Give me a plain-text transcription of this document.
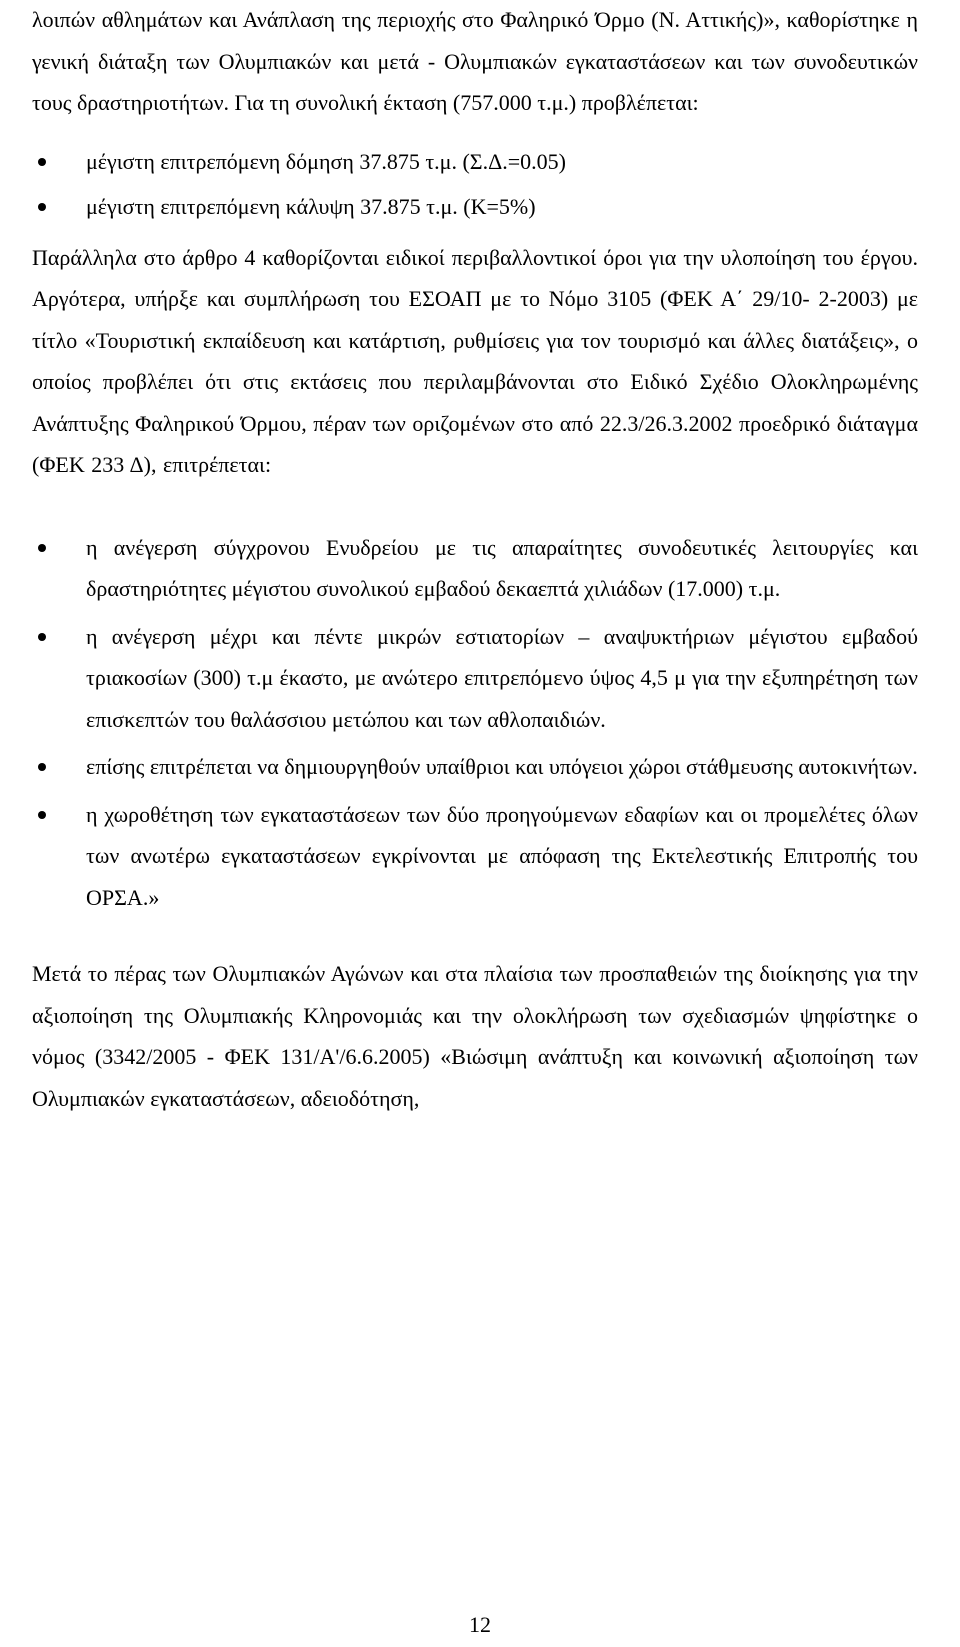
λοιπών αθλημάτων και Ανάπλαση της περιοχής στο Φαληρικό Όρμο (Ν. Αττικής)», καθορίστηκε η γενική διάταξη των Ολυμπιακών και μετά - Ολυμπιακών εγκαταστάσεων και των συνοδευτικών τους δραστηριοτήτων. Για τη συνολική έκταση (757.000 τ.μ.) προβλέπεται:

μέγιστη επιτρεπόμενη δόμηση 37.875 τ.μ. (Σ.Δ.=0.05)
μέγιστη επιτρεπόμενη κάλυψη 37.875 τ.μ. (Κ=5%)

Παράλληλα στο άρθρο 4 καθορίζονται ειδικοί περιβαλλοντικοί όροι για την υλοποίηση του έργου. Αργότερα, υπήρξε και συμπλήρωση του ΕΣΟΑΠ με το Νόμο 3105 (ΦΕΚ Α΄ 29/10- 2-2003) με τίτλο «Τουριστική εκπαίδευση και κατάρτιση, ρυθμίσεις για τον τουρισμό και άλλες διατάξεις», ο οποίος προβλέπει ότι στις εκτάσεις που περιλαμβάνονται στο Ειδικό Σχέδιο Ολοκληρωμένης Ανάπτυξης Φαληρικού Όρμου, πέραν των οριζομένων στο από 22.3/26.3.2002 προεδρικό διάταγμα (ΦΕΚ 233 Δ), επιτρέπεται:

η ανέγερση σύγχρονου Ενυδρείου με τις απαραίτητες συνοδευτικές λειτουργίες και δραστηριότητες μέγιστου συνολικού εμβαδού δεκαεπτά χιλιάδων (17.000) τ.μ.
η ανέγερση μέχρι και πέντε μικρών εστιατορίων – αναψυκτήριων μέγιστου εμβαδού τριακοσίων (300) τ.μ έκαστο, με ανώτερο επιτρεπόμενο ύψος 4,5 μ για την εξυπηρέτηση των επισκεπτών του θαλάσσιου μετώπου και των αθλοπαιδιών.
επίσης επιτρέπεται να δημιουργηθούν υπαίθριοι και υπόγειοι χώροι στάθμευσης αυτοκινήτων.
η χωροθέτηση των εγκαταστάσεων των δύο προηγούμενων εδαφίων και οι προμελέτες όλων των ανωτέρω εγκαταστάσεων εγκρίνονται με απόφαση της Εκτελεστικής Επιτροπής του ΟΡΣΑ.»

Μετά το πέρας των Ολυμπιακών Αγώνων και στα πλαίσια των προσπαθειών της διοίκησης για την αξιοποίηση της Ολυμπιακής Κληρονομιάς και την ολοκλήρωση των σχεδιασμών ψηφίστηκε ο νόμος (3342/2005 - ΦΕΚ 131/Α'/6.6.2005) «Βιώσιμη ανάπτυξη και κοινωνική αξιοποίηση των Ολυμπιακών εγκαταστάσεων, αδειοδότηση,

12
